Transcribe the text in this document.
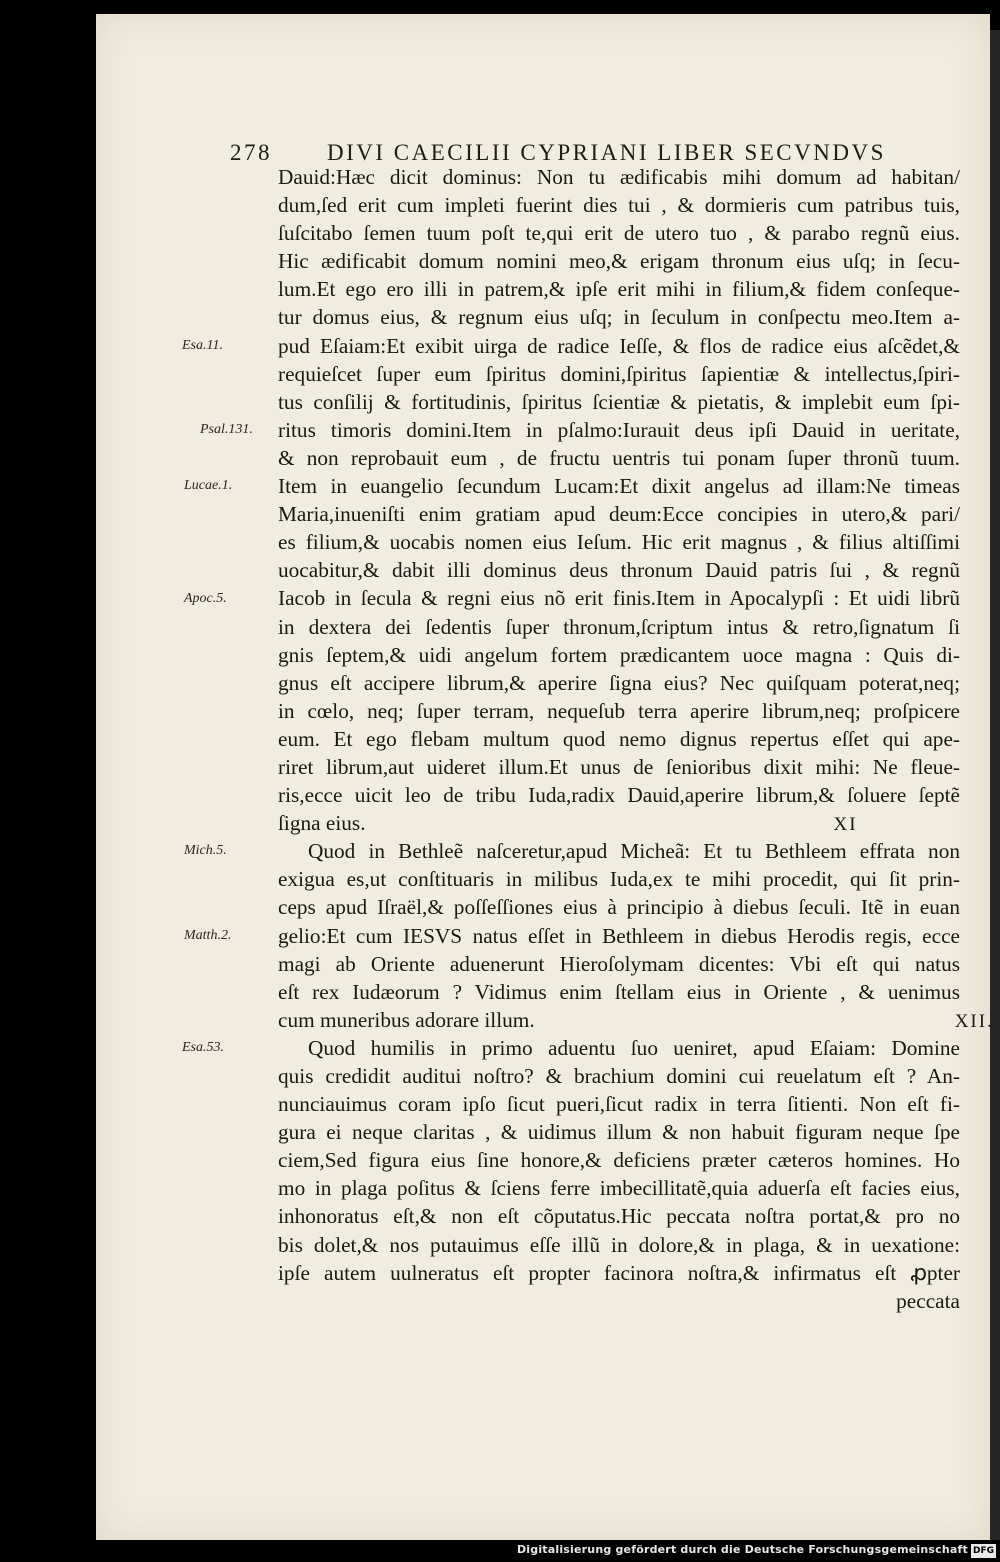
278	DIVI CAECILII CYPRIANI LIBER SECVNDVS
Esa.11.
Psal.131.
Lucae.1.
Apoc.5.
Mich.5.
Matth.2.
Esa.53.
Dauid:Hæc dicit dominus: Non tu ædificabis mihi domum ad habitan/
dum,ſed erit cum impleti fuerint dies tui , & dormieris cum patribus tuis,
ſuſcitabo ſemen tuum poſt te,qui erit de utero tuo , & parabo regnũ eius.
Hic ædificabit domum nomini meo,& erigam thronum eius uſq; in ſecu-
lum.Et ego ero illi in patrem,& ipſe erit mihi in filium,& fidem conſeque-
tur domus eius, & regnum eius uſq; in ſeculum in conſpectu meo.Item a-
pud Eſaiam:Et exibit uirga de radice Ieſſe, & flos de radice eius aſcẽdet,&
requieſcet ſuper eum ſpiritus domini,ſpiritus ſapientiæ & intellectus,ſpiri-
tus conſilij & fortitudinis, ſpiritus ſcientiæ & pietatis, & implebit eum ſpi-
ritus timoris domini.Item in pſalmo:Iurauit deus ipſi Dauid in ueritate,
& non reprobauit eum , de fructu uentris tui ponam ſuper thronũ tuum.
Item in euangelio ſecundum Lucam:Et dixit angelus ad illam:Ne timeas
Maria,inueniſti enim gratiam apud deum:Ecce concipies in utero,& pari/
es filium,& uocabis nomen eius Ieſum. Hic erit magnus , & filius altiſſimi
uocabitur,& dabit illi dominus deus thronum Dauid patris ſui , & regnũ
Iacob in ſecula & regni eius nõ erit finis.Item in Apocalypſi : Et uidi librũ
in dextera dei ſedentis ſuper thronum,ſcriptum intus & retro,ſignatum ſi
gnis ſeptem,& uidi angelum fortem prædicantem uoce magna : Quis di-
gnus eſt accipere librum,& aperire ſigna eius? Nec quiſquam poterat,neq;
in cœlo, neq; ſuper terram, nequeſub terra aperire librum,neq; proſpicere
eum. Et ego flebam multum quod nemo dignus repertus eſſet qui ape-
riret librum,aut uideret illum.Et unus de ſenioribus dixit mihi: Ne fleue-
ris,ecce uicit leo de tribu Iuda,radix Dauid,aperire librum,& ſoluere ſeptẽ
ſigna eius.	XI
Quod in Bethleẽ naſceretur,apud Micheã: Et tu Bethleem effrata non
exigua es,ut conſtituaris in milibus Iuda,ex te mihi procedit, qui ſit prin-
ceps apud Iſraël,& poſſeſſiones eius à principio à diebus ſeculi. Itẽ in euan
gelio:Et cum IESVS natus eſſet in Bethleem in diebus Herodis regis, ecce
magi ab Oriente aduenerunt Hieroſolymam dicentes: Vbi eſt qui natus
eſt rex Iudæorum ? Vidimus enim ſtellam eius in Oriente , & uenimus
cum muneribus adorare illum.	XII.
Quod humilis in primo aduentu ſuo ueniret, apud Eſaiam: Domine
quis credidit auditui noſtro? & brachium domini cui reuelatum eſt ? An-
nunciauimus coram ipſo ſicut pueri,ſicut radix in terra ſitienti. Non eſt fi-
gura ei neque claritas , & uidimus illum & non habuit figuram neque ſpe
ciem,Sed figura eius ſine honore,& deficiens præter cæteros homines. Ho
mo in plaga poſitus & ſciens ferre imbecillitatẽ,quia aduerſa eſt facies eius,
inhonoratus eſt,& non eſt cõputatus.Hic peccata noſtra portat,& pro no
bis dolet,& nos putauimus eſſe illũ in dolore,& in plaga, & in uexatione:
ipſe autem uulneratus eſt propter facinora noſtra,& infirmatus eſt ꝓpter
peccata
Digitalisierung gefördert durch die Deutsche Forschungsgemeinschaft DFG
